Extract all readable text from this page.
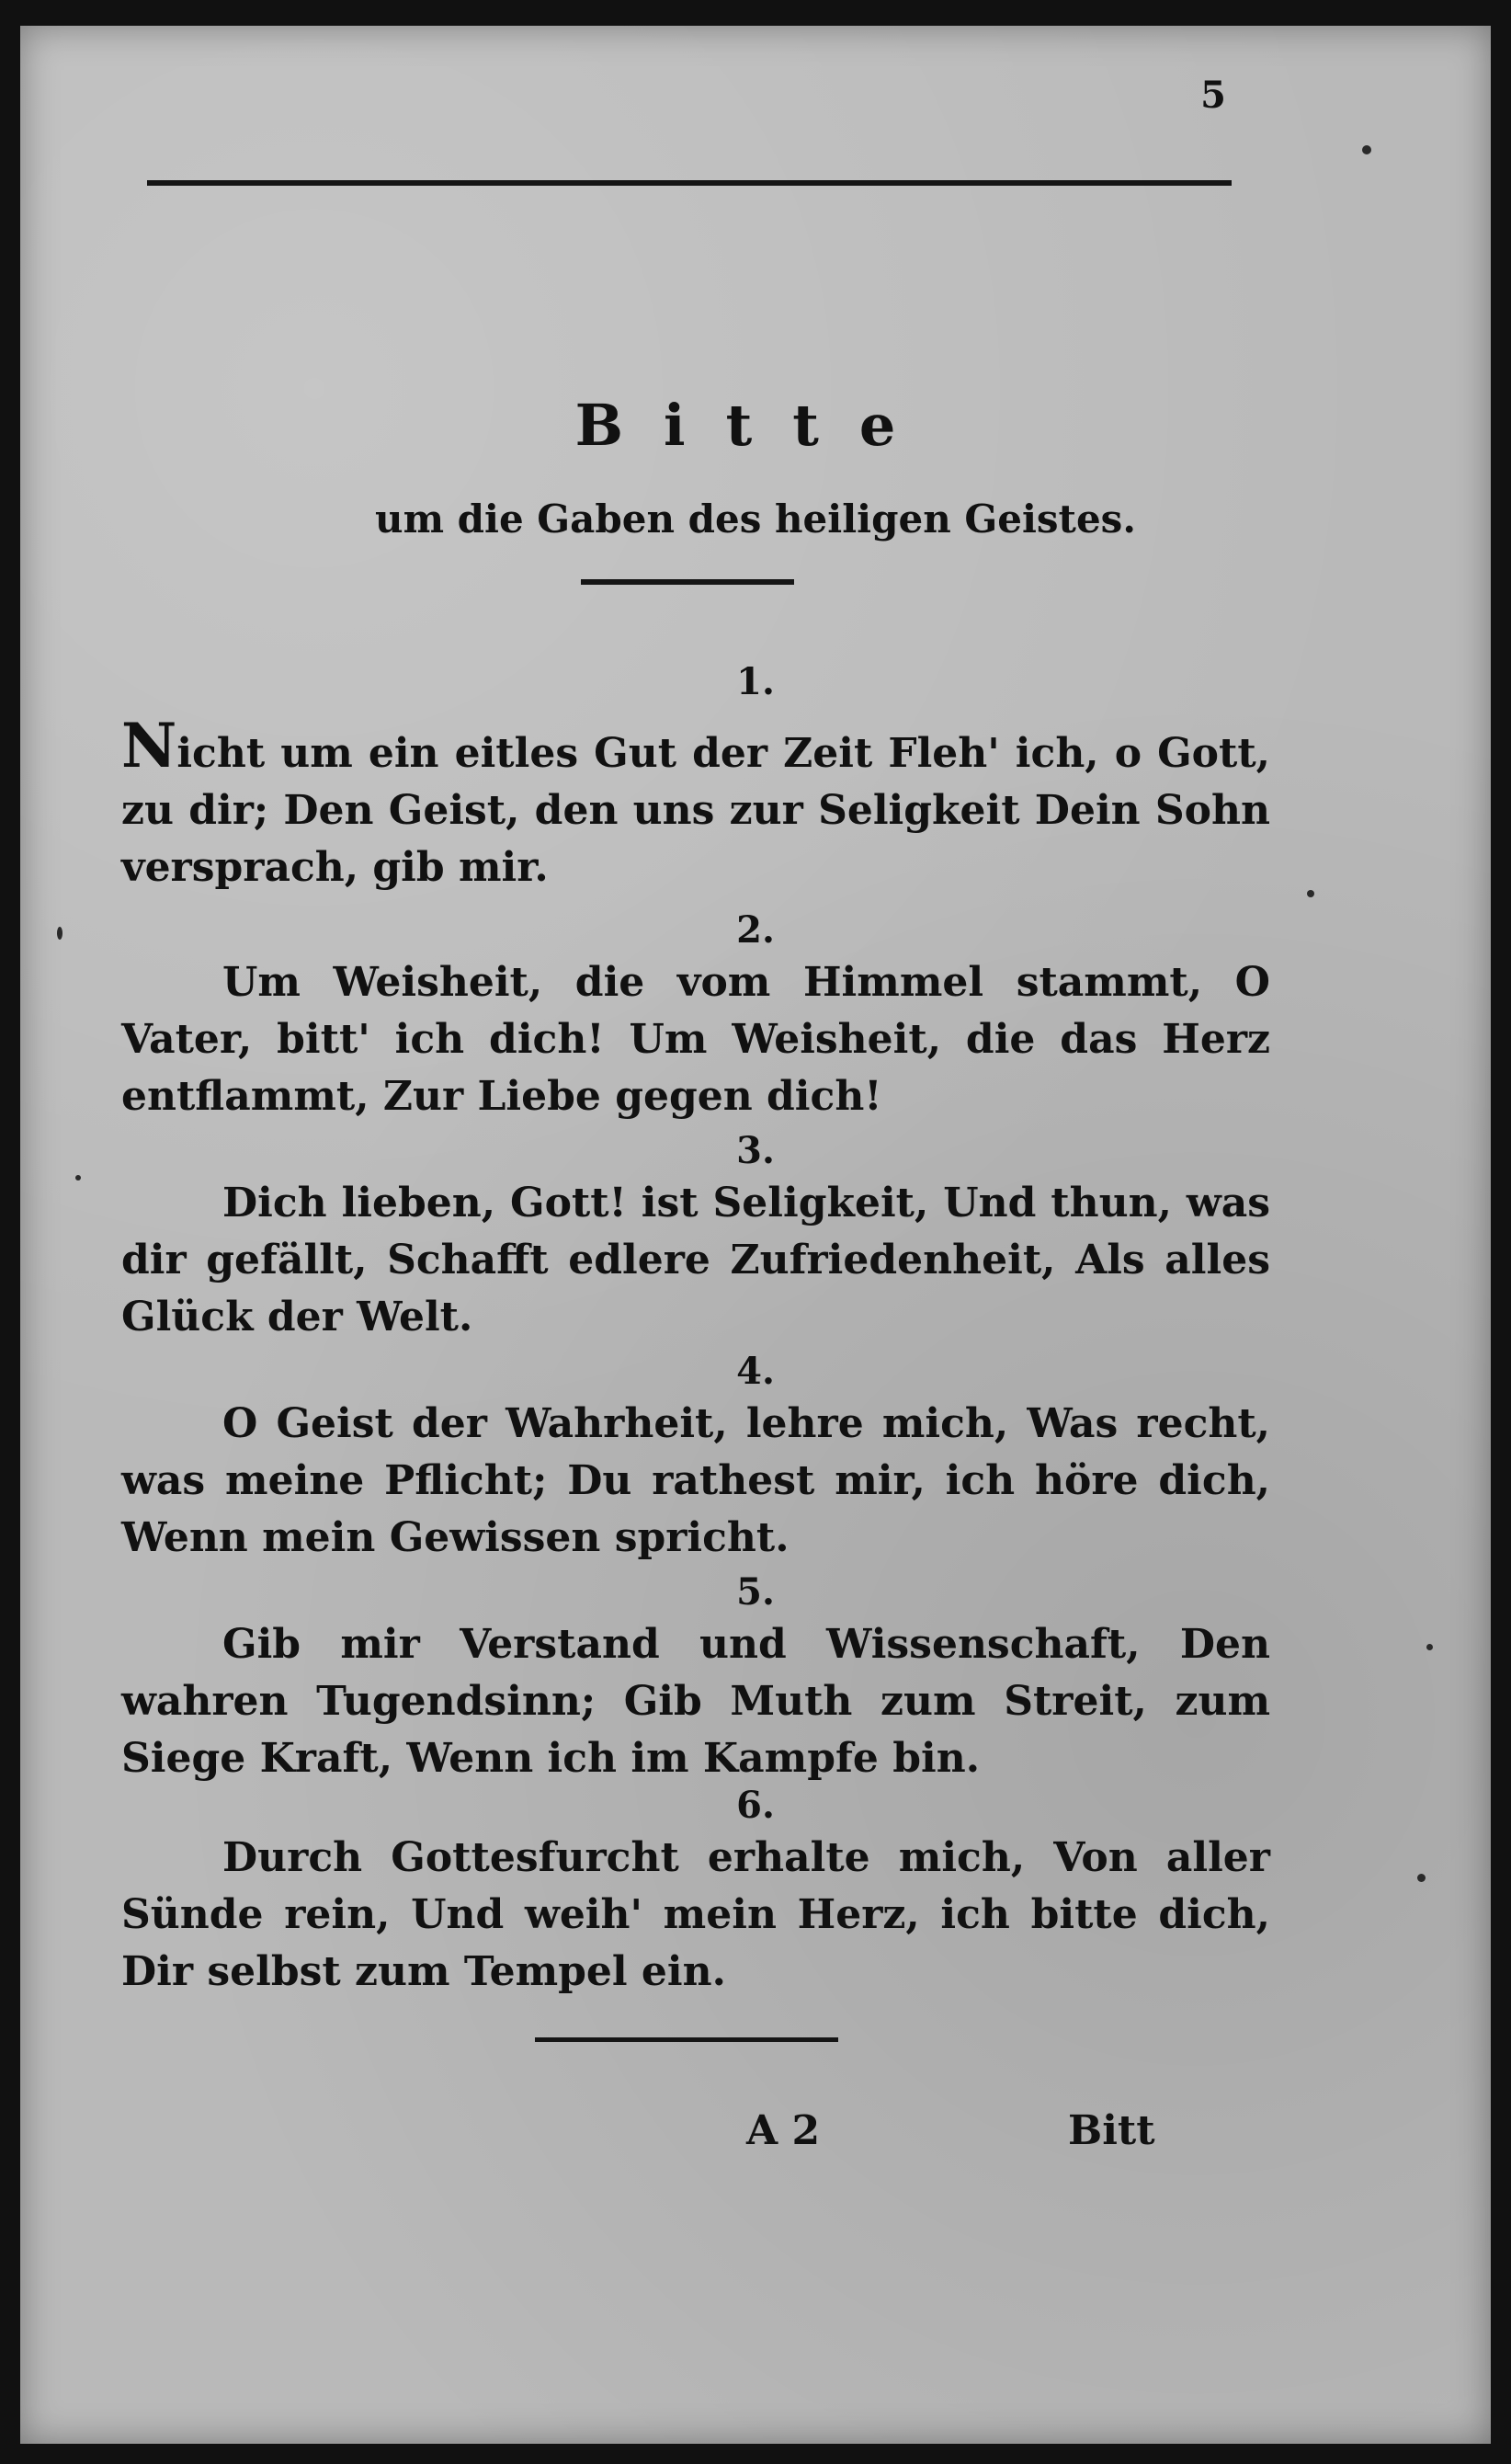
5
Bitte
um die Gaben des heiligen Geistes.
1.

Nicht um ein eitles Gut der Zeit Fleh' ich, o Gott, zu dir; Den Geist, den uns zur Seligkeit Dein Sohn versprach, gib mir.

2.

Um Weisheit, die vom Himmel stammt, O Vater, bitt' ich dich! Um Weisheit, die das Herz entflammt, Zur Liebe gegen dich!

3.

Dich lieben, Gott! ist Seligkeit, Und thun, was dir gefällt, Schafft edlere Zufriedenheit, Als alles Glück der Welt.

4.

O Geist der Wahrheit, lehre mich, Was recht, was meine Pflicht; Du rathest mir, ich höre dich, Wenn mein Gewissen spricht.

5.

Gib mir Verstand und Wissenschaft, Den wahren Tugendsinn; Gib Muth zum Streit, zum Siege Kraft, Wenn ich im Kampfe bin.

6.

Durch Gottesfurcht erhalte mich, Von aller Sünde rein, Und weih' mein Herz, ich bitte dich, Dir selbst zum Tempel ein.

A 2	Bitt
